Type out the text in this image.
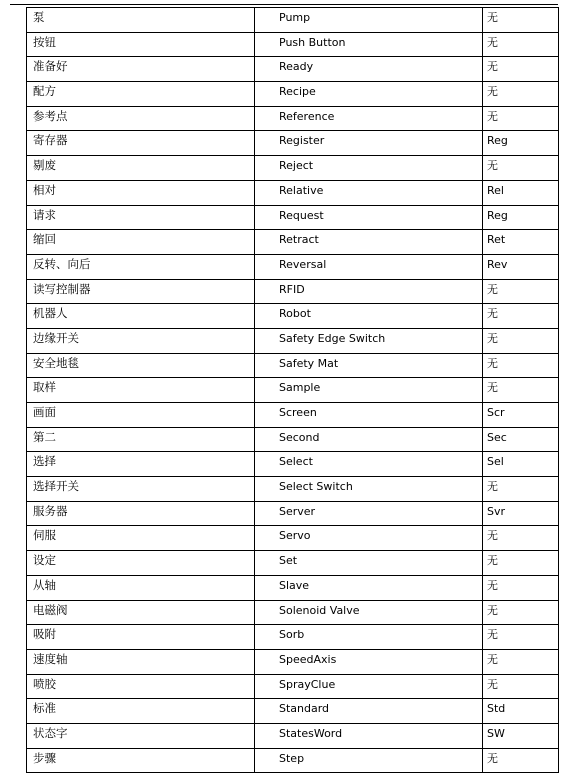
泵	Pump	无

按钮	Push Button	无

准备好	Ready	无

配方	Recipe	无

参考点	Reference	无

寄存器	Register	Reg

剔废	Reject	无

相对	Relative	Rel

请求	Request	Reg

缩回	Retract	Ret

反转、向后	Reversal	Rev

读写控制器	RFID	无

机器人	Robot	无

边缘开关	Safety Edge Switch	无

安全地毯	Safety Mat	无

取样	Sample	无

画面	Screen	Scr

第二	Second	Sec

选择	Select	Sel

选择开关	Select Switch	无

服务器	Server	Svr

伺服	Servo	无

设定	Set	无

从轴	Slave	无

电磁阀	Solenoid Valve	无

吸附	Sorb	无

速度轴	SpeedAxis	无

喷胶	SprayClue	无

标准	Standard	Std

状态字	StatesWord	SW

步骤	Step	无
